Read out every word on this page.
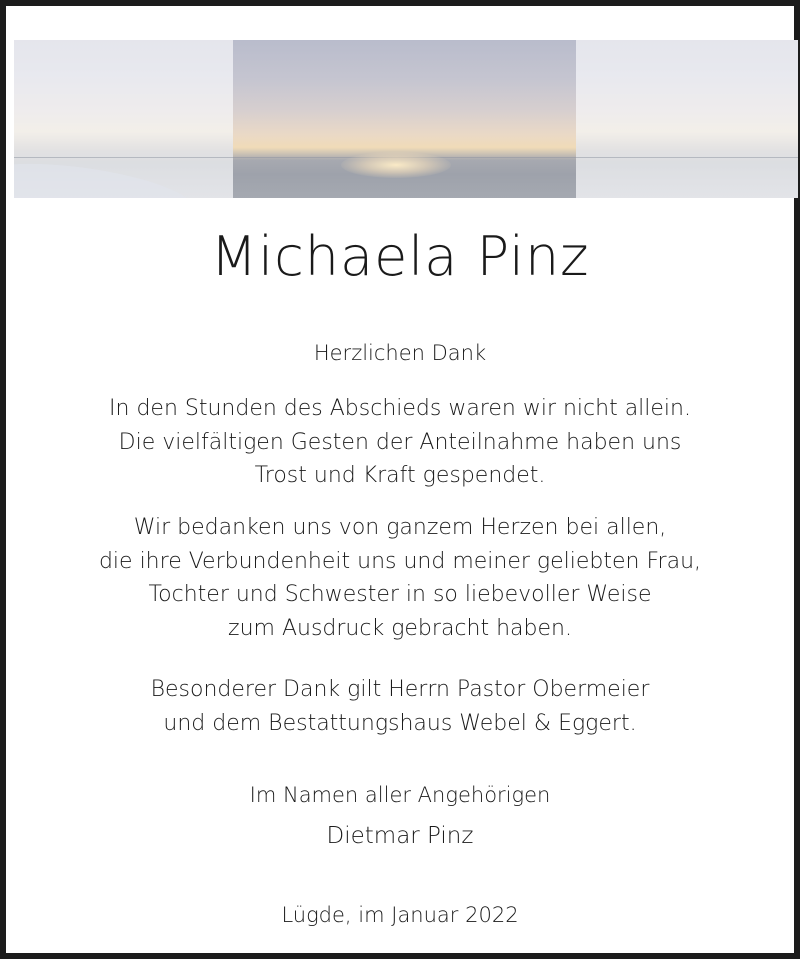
Michaela Pinz
Herzlichen Dank
In den Stunden des Abschieds waren wir nicht allein.
Die vielfältigen Gesten der Anteilnahme haben uns
Trost und Kraft gespendet.
Wir bedanken uns von ganzem Herzen bei allen,
die ihre Verbundenheit uns und meiner geliebten Frau,
Tochter und Schwester in so liebevoller Weise
zum Ausdruck gebracht haben.
Besonderer Dank gilt Herrn Pastor Obermeier
und dem Bestattungshaus Webel & Eggert.
Im Namen aller Angehörigen
Dietmar Pinz
Lügde, im Januar 2022
